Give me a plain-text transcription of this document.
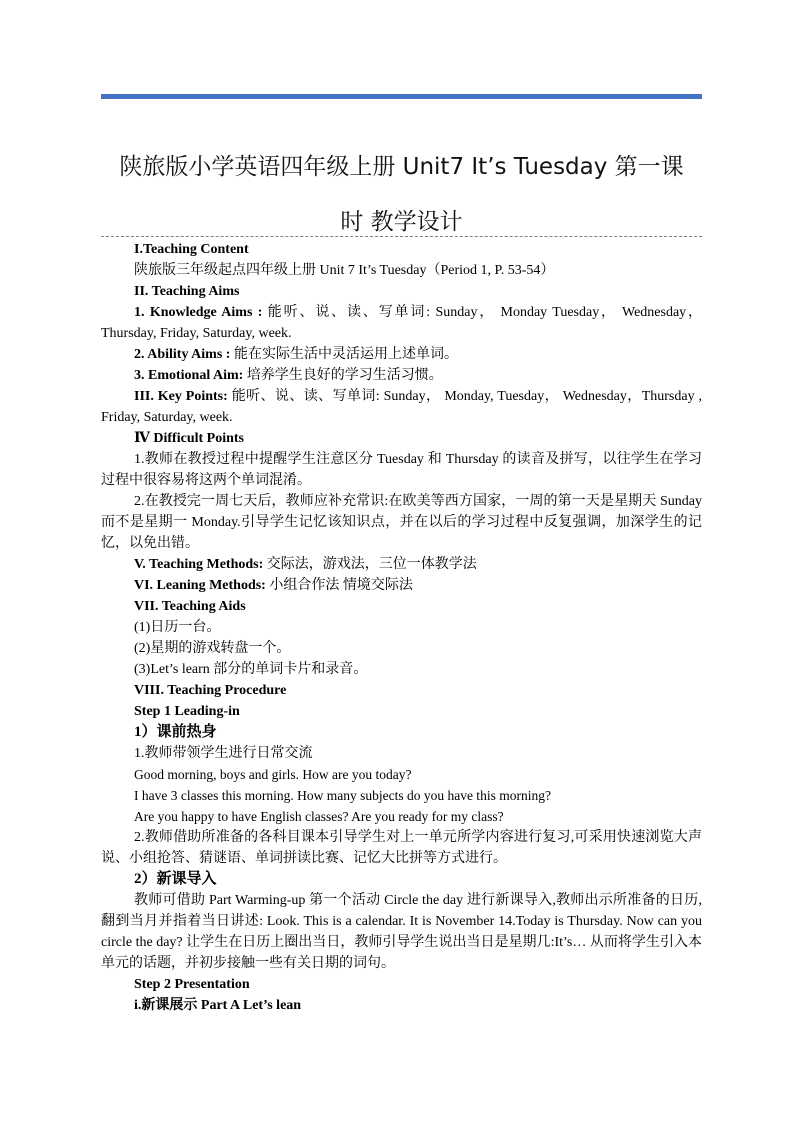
陕旅版小学英语四年级上册 Unit7 It’s Tuesday 第一课
时 教学设计

I.Teaching Content

陕旅版三年级起点四年级上册 Unit 7 It’s Tuesday（Period 1, P. 53-54）

II. Teaching Aims

1. Knowledge Aims : 能听、说、读、写单词: Sunday， Monday Tuesday， Wednesday，Thursday, Friday, Saturday, week.

2. Ability Aims : 能在实际生活中灵活运用上述单词。

3. Emotional Aim: 培养学生良好的学习生活习惯。

III. Key Points: 能听、说、读、写单词: Sunday， Monday, Tuesday， Wednesday，Thursday , Friday, Saturday, week.

Ⅳ Difficult Points

1.教师在教授过程中提醒学生注意区分 Tuesday 和 Thursday 的读音及拼写，以往学生在学习过程中很容易将这两个单词混淆。

2.在教授完一周七天后，教师应补充常识:在欧美等西方国家，一周的第一天是星期天 Sunday 而不是星期一 Monday.引导学生记忆该知识点，并在以后的学习过程中反复强调，加深学生的记忆，以免出错。

V. Teaching Methods: 交际法，游戏法，三位一体教学法

VI. Leaning Methods: 小组合作法 情境交际法

VII. Teaching Aids

(1)日历一台。

(2)星期的游戏转盘一个。

(3)Let’s learn 部分的单词卡片和录音。

VIII. Teaching Procedure

Step 1 Leading-in

1）课前热身

1.教师带领学生进行日常交流

Good morning, boys and girls. How are you today?

I have 3 classes this morning. How many subjects do you have this morning?

Are you happy to have English classes? Are you ready for my class?

2.教师借助所准备的各科目课本引导学生对上一单元所学内容进行复习,可采用快速浏览大声说、小组抢答、猜谜语、单词拼读比赛、记忆大比拼等方式进行。

2）新课导入

教师可借助 Part Warming-up 第一个活动 Circle the day 进行新课导入,教师出示所准备的日历,翻到当月并指着当日讲述: Look. This is a calendar. It is November 14.Today is Thursday. Now can you circle the day? 让学生在日历上圈出当日，教师引导学生说出当日是星期几:It’s… 从而将学生引入本单元的话题，并初步接触一些有关日期的词句。

Step 2 Presentation

i.新课展示 Part A Let’s lean
